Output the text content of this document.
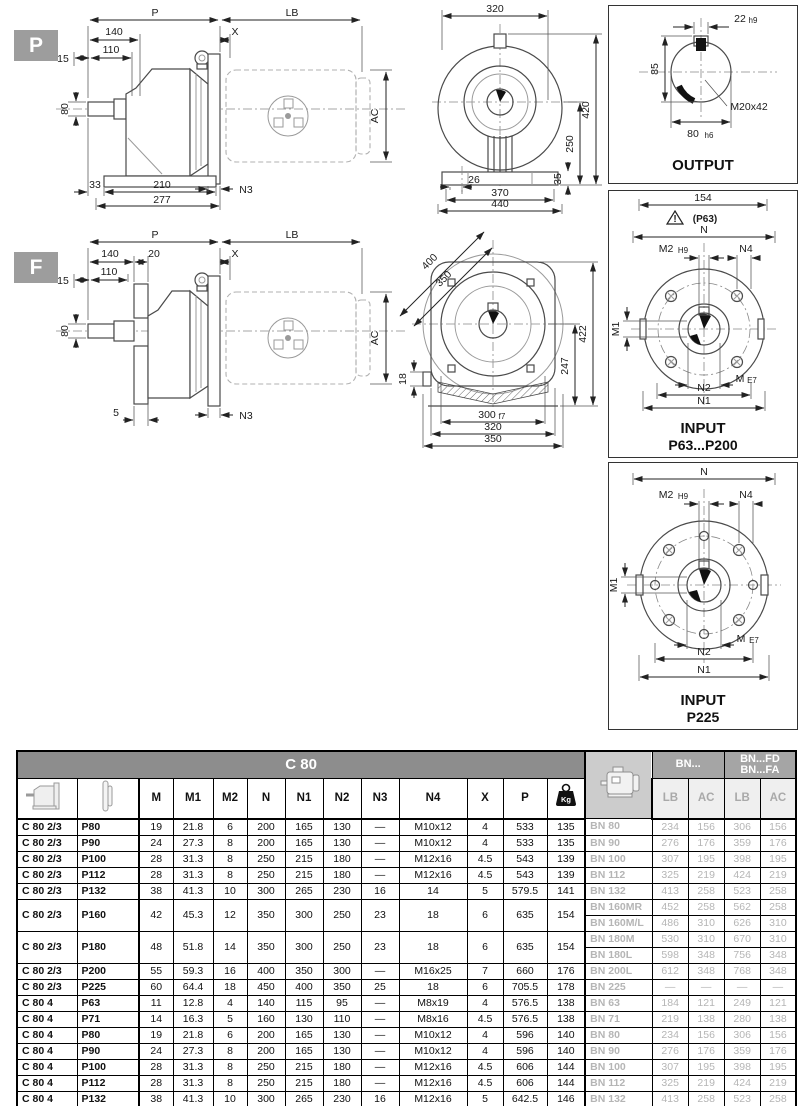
P
P	LB
140	X
15
110
80
33	210
277
N3
AC
320
420
250
35
26
370
440
22 h9
85
M20x42
80 h6
OUTPUT
F
P	LB
140	20	X
15
110
80
5	N3
AC
400
350
422
247
18
300 f7
320
350
154
! (P63)
N
M2 H9	N4
M1
M E7
N2
N1
INPUT
P63...P200
N
M2 H9	N4
M1
M E7
N2
N1
INPUT
P225
C 80														BN...		BN...FD
BN...FA	

		M	M1	M2	N	N1	N2	N3	N4	X	P	Kg		LB	AC	LB	AC
C 80 2/3	P80	19	21.8	6	200	165	130	—	M10x12	4	533	135	BN 80	234	156	306	156
C 80 2/3	P90	24	27.3	8	200	165	130	—	M10x12	4	533	135	BN 90	276	176	359	176
C 80 2/3	P100	28	31.3	8	250	215	180	—	M12x16	4.5	543	139	BN 100	307	195	398	195
C 80 2/3	P112	28	31.3	8	250	215	180	—	M12x16	4.5	543	139	BN 112	325	219	424	219
C 80 2/3	P132	38	41.3	10	300	265	230	16	14	5	579.5	141	BN 132	413	258	523	258
C 80 2/3	P160	42	45.3	12	350	300	250	23	18	6	635	154	BN 160MR	452	258	562	258
													BN 160M/L	486	310	626	310
C 80 2/3	P180	48	51.8	14	350	300	250	23	18	6	635	154	BN 180M	530	310	670	310
													BN 180L	598	348	756	348
C 80 2/3	P200	55	59.3	16	400	350	300	—	M16x25	7	660	176	BN 200L	612	348	768	348
C 80 2/3	P225	60	64.4	18	450	400	350	25	18	6	705.5	178	BN 225	—	—	—	—
C 80 4	P63	11	12.8	4	140	115	95	—	M8x19	4	576.5	138	BN 63	184	121	249	121
C 80 4	P71	14	16.3	5	160	130	110	—	M8x16	4.5	576.5	138	BN 71	219	138	280	138
C 80 4	P80	19	21.8	6	200	165	130	—	M10x12	4	596	140	BN 80	234	156	306	156
C 80 4	P90	24	27.3	8	200	165	130	—	M10x12	4	596	140	BN 90	276	176	359	176
C 80 4	P100	28	31.3	8	250	215	180	—	M12x16	4.5	606	144	BN 100	307	195	398	195
C 80 4	P112	28	31.3	8	250	215	180	—	M12x16	4.5	606	144	BN 112	325	219	424	219
C 80 4	P132	38	41.3	10	300	265	230	16	M12x16	5	642.5	146	BN 132	413	258	523	258
